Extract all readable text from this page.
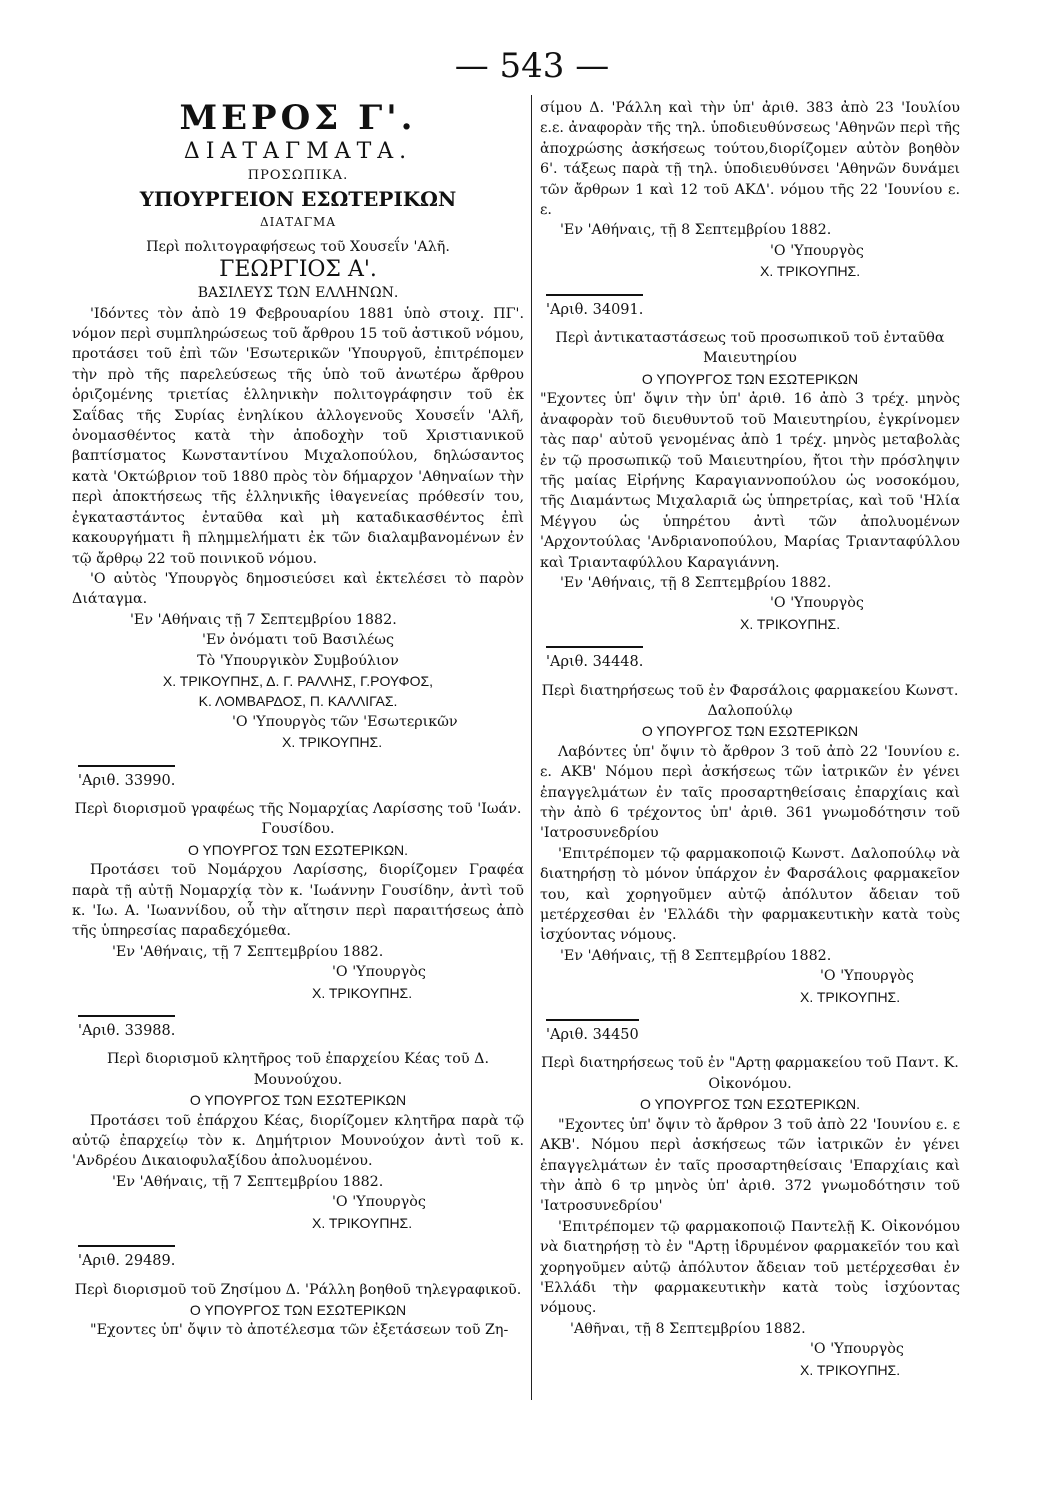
— 543 —
ΜΕΡΟΣ Γ'.
ΔΙΑΤΑΓΜΑΤΑ.
ΠΡΟΣΩΠΙΚΑ.
ΥΠΟΥΡΓΕΙΟΝ ΕΣΩΤΕΡΙΚΩΝ
ΔΙΑΤΑΓΜΑ
Περὶ πολιτογραφήσεως τοῦ Χουσεΐν 'Αλῆ.
ΓΕΩΡΓΙΟΣ Α'.
ΒΑΣΙΛΕΥΣ ΤΩΝ ΕΛΛΗΝΩΝ.

'Ιδόντες τὸν ἀπὸ 19 Φεβρουαρίου 1881 ὑπὸ στοιχ. ΠΓ'. νόμον περὶ συμπληρώσεως τοῦ ἄρθρου 15 τοῦ ἀστικοῦ νόμου, προτάσει τοῦ ἐπὶ τῶν 'Εσωτερικῶν 'Υπουργοῦ, ἐπιτρέπομεν τὴν πρὸ τῆς παρελεύσεως τῆς ὑπὸ τοῦ ἀνωτέρω ἄρθρου ὁριζομένης τριετίας ἑλληνικὴν πολιτογράφησιν τοῦ ἐκ Σαΐδας τῆς Συρίας ἐνηλίκου ἀλλογενοῦς Χουσεΐν 'Αλῆ, ὀνομασθέντος κατὰ τὴν ἀποδοχὴν τοῦ Χριστιανικοῦ βαπτίσματος Κωνσταντίνου Μιχαλοπούλου, δηλώσαντος κατὰ 'Οκτώβριον τοῦ 1880 πρὸς τὸν δήμαρχον 'Αθηναίων τὴν περὶ ἀποκτήσεως τῆς ἑλληνικῆς ἰθαγενείας πρόθεσίν του, ἐγκαταστάντος ἐνταῦθα καὶ μὴ καταδικασθέντος ἐπὶ κακουργήματι ἢ πλημμελήματι ἐκ τῶν διαλαμβανομένων ἐν τῷ ἄρθρῳ 22 τοῦ ποινικοῦ νόμου.

'Ο αὐτὸς 'Υπουργὸς δημοσιεύσει καὶ ἐκτελέσει τὸ παρὸν Διάταγμα.

'Εν 'Αθήναις τῇ 7 Σεπτεμβρίου 1882.
'Εν ὀνόματι τοῦ Βασιλέως
Τὸ 'Υπουργικὸν Συμβούλιον
Χ. ΤΡΙΚΟΥΠΗΣ, Δ. Γ. ΡΑΛΛΗΣ, Γ.ΡΟΥΦΟΣ,
Κ. ΛΟΜΒΑΡΔΟΣ, Π. ΚΑΛΛΙΓΑΣ.
'Ο 'Υπουργὸς τῶν 'Εσωτερικῶν
Χ. ΤΡΙΚΟΥΠΗΣ.
'Αριθ. 33990.
Περὶ διορισμοῦ γραφέως τῆς Νομαρχίας Λαρίσσης τοῦ 'Ιωάν. Γουσίδου.
Ο ΥΠΟΥΡΓΟΣ ΤΩΝ ΕΣΩΤΕΡΙΚΩΝ.

Προτάσει τοῦ Νομάρχου Λαρίσσης, διορίζομεν Γραφέα παρὰ τῇ αὐτῇ Νομαρχίᾳ τὸν κ. 'Ιωάννην Γουσίδην, ἀντὶ τοῦ κ. 'Ιω. Α. 'Ιωαννίδου, οὗ τὴν αἴτησιν περὶ παραιτήσεως ἀπὸ τῆς ὑπηρεσίας παραδεχόμεθα.

'Εν 'Αθήναις, τῇ 7 Σεπτεμβρίου 1882.
'Ο 'Υπουργὸς
Χ. ΤΡΙΚΟΥΠΗΣ.
'Αριθ. 33988.
Περὶ διορισμοῦ κλητῆρος τοῦ ἐπαρχείου Κέας τοῦ Δ. Μουνούχου.
Ο ΥΠΟΥΡΓΟΣ ΤΩΝ ΕΣΩΤΕΡΙΚΩΝ

Προτάσει τοῦ ἐπάρχου Κέας, διορίζομεν κλητῆρα παρὰ τῷ αὐτῷ ἐπαρχείῳ τὸν κ. Δημήτριον Μουνούχον ἀντὶ τοῦ κ. 'Ανδρέου Δικαιοφυλαξίδου ἀπολυομένου.

'Εν 'Αθήναις, τῇ 7 Σεπτεμβρίου 1882.
'Ο 'Υπουργὸς
Χ. ΤΡΙΚΟΥΠΗΣ.
'Αριθ. 29489.
Περὶ διορισμοῦ τοῦ Ζησίμου Δ. 'Ράλλη βοηθοῦ τηλεγραφικοῦ.
Ο ΥΠΟΥΡΓΟΣ ΤΩΝ ΕΣΩΤΕΡΙΚΩΝ

"Εχοντες ὑπ' ὄψιν τὸ ἀποτέλεσμα τῶν ἐξετάσεων τοῦ Ζη-

σίμου Δ. 'Ράλλη καὶ τὴν ὑπ' ἀριθ. 383 ἀπὸ 23 'Ιουλίου ε.ε. ἀναφορὰν τῆς τηλ. ὑποδιευθύνσεως 'Αθηνῶν περὶ τῆς ἀποχρώσης ἀσκήσεως τούτου,διορίζομεν αὐτὸν βοηθὸν 6'. τάξεως παρὰ τῇ τηλ. ὑποδιευθύνσει 'Αθηνῶν δυνάμει τῶν ἄρθρων 1 καὶ 12 τοῦ ΑΚΔ'. νόμου τῆς 22 'Ιουνίου ε. ε.

'Εν 'Αθήναις, τῇ 8 Σεπτεμβρίου 1882.
'Ο 'Υπουργὸς
Χ. ΤΡΙΚΟΥΠΗΣ.
'Αριθ. 34091.
Περὶ ἀντικαταστάσεως τοῦ προσωπικοῦ τοῦ ἐνταῦθα Μαιευτηρίου
Ο ΥΠΟΥΡΓΟΣ ΤΩΝ ΕΣΩΤΕΡΙΚΩΝ

"Εχοντες ὑπ' ὄψιν τὴν ὑπ' ἀριθ. 16 ἀπὸ 3 τρέχ. μηνὸς ἀναφορὰν τοῦ διευθυντοῦ τοῦ Μαιευτηρίου, ἐγκρίνομεν τὰς παρ' αὐτοῦ γενομένας ἀπὸ 1 τρέχ. μηνὸς μεταβολὰς ἐν τῷ προσωπικῷ τοῦ Μαιευτηρίου, ἤτοι τὴν πρόσληψιν τῆς μαίας Εἰρήνης Καραγιαννοπούλου ὡς νοσοκόμου, τῆς Διαμάντως Μιχαλαριᾶ ὡς ὑπηρετρίας, καὶ τοῦ 'Ηλία Μέγγου ὡς ὑπηρέτου ἀντὶ τῶν ἀπολυομένων 'Αρχοντούλας 'Ανδριανοπούλου, Μαρίας Τριανταφύλλου καὶ Τριανταφύλλου Καραγιάννη.

'Εν 'Αθήναις, τῇ 8 Σεπτεμβρίου 1882.
'Ο 'Υπουργὸς
Χ. ΤΡΙΚΟΥΠΗΣ.
'Αριθ. 34448.
Περὶ διατηρήσεως τοῦ ἐν Φαρσάλοις φαρμακείου Κωνστ. Δαλοπούλῳ
Ο ΥΠΟΥΡΓΟΣ ΤΩΝ ΕΣΩΤΕΡΙΚΩΝ

Λαβόντες ὑπ' ὄψιν τὸ ἄρθρον 3 τοῦ ἀπὸ 22 'Ιουνίου ε. ε. ΑΚΒ' Νόμου περὶ ἀσκήσεως τῶν ἰατρικῶν ἐν γένει ἐπαγγελμάτων ἐν ταῖς προσαρτηθείσαις ἐπαρχίαις καὶ τὴν ἀπὸ 6 τρέχοντος ὑπ' ἀριθ. 361 γνωμοδότησιν τοῦ 'Ιατροσυνεδρίου

'Επιτρέπομεν τῷ φαρμακοποιῷ Κωνστ. Δαλοπούλῳ νὰ διατηρήσῃ τὸ μόνον ὑπάρχον ἐν Φαρσάλοις φαρμακεῖον του, καὶ χορηγοῦμεν αὐτῷ ἀπόλυτον ἄδειαν τοῦ μετέρχεσθαι ἐν 'Ελλάδι τὴν φαρμακευτικὴν κατὰ τοὺς ἰσχύοντας νόμους.

'Εν 'Αθήναις, τῇ 8 Σεπτεμβρίου 1882.
'Ο 'Υπουργὸς
Χ. ΤΡΙΚΟΥΠΗΣ.
'Αριθ. 34450
Περὶ διατηρήσεως τοῦ ἐν "Αρτῃ φαρμακείου τοῦ Παντ. Κ. Οἰκονόμου.
Ο ΥΠΟΥΡΓΟΣ ΤΩΝ ΕΣΩΤΕΡΙΚΩΝ.

"Εχοντες ὑπ' ὄψιν τὸ ἄρθρον 3 τοῦ ἀπὸ 22 'Ιουνίου ε. ε ΑΚΒ'. Νόμου περὶ ἀσκήσεως τῶν ἰατρικῶν ἐν γένει ἐπαγγελμάτων ἐν ταῖς προσαρτηθείσαις 'Επαρχίαις καὶ τὴν ἀπὸ 6 τρ μηνὸς ὑπ' ἀριθ. 372 γνωμοδότησιν τοῦ 'Ιατροσυνεδρίου'

'Επιτρέπομεν τῷ φαρμακοποιῷ Παντελῇ Κ. Οἰκονόμου νὰ διατηρήσῃ τὸ ἐν "Αρτῃ ἱδρυμένον φαρμακεῖόν του καὶ χορηγοῦμεν αὐτῷ ἀπόλυτον ἄδειαν τοῦ μετέρχεσθαι ἐν 'Ελλάδι τὴν φαρμακευτικὴν κατὰ τοὺς ἰσχύοντας νόμους.

'Αθῆναι, τῇ 8 Σεπτεμβρίου 1882.
'Ο 'Υπουργὸς
Χ. ΤΡΙΚΟΥΠΗΣ.
